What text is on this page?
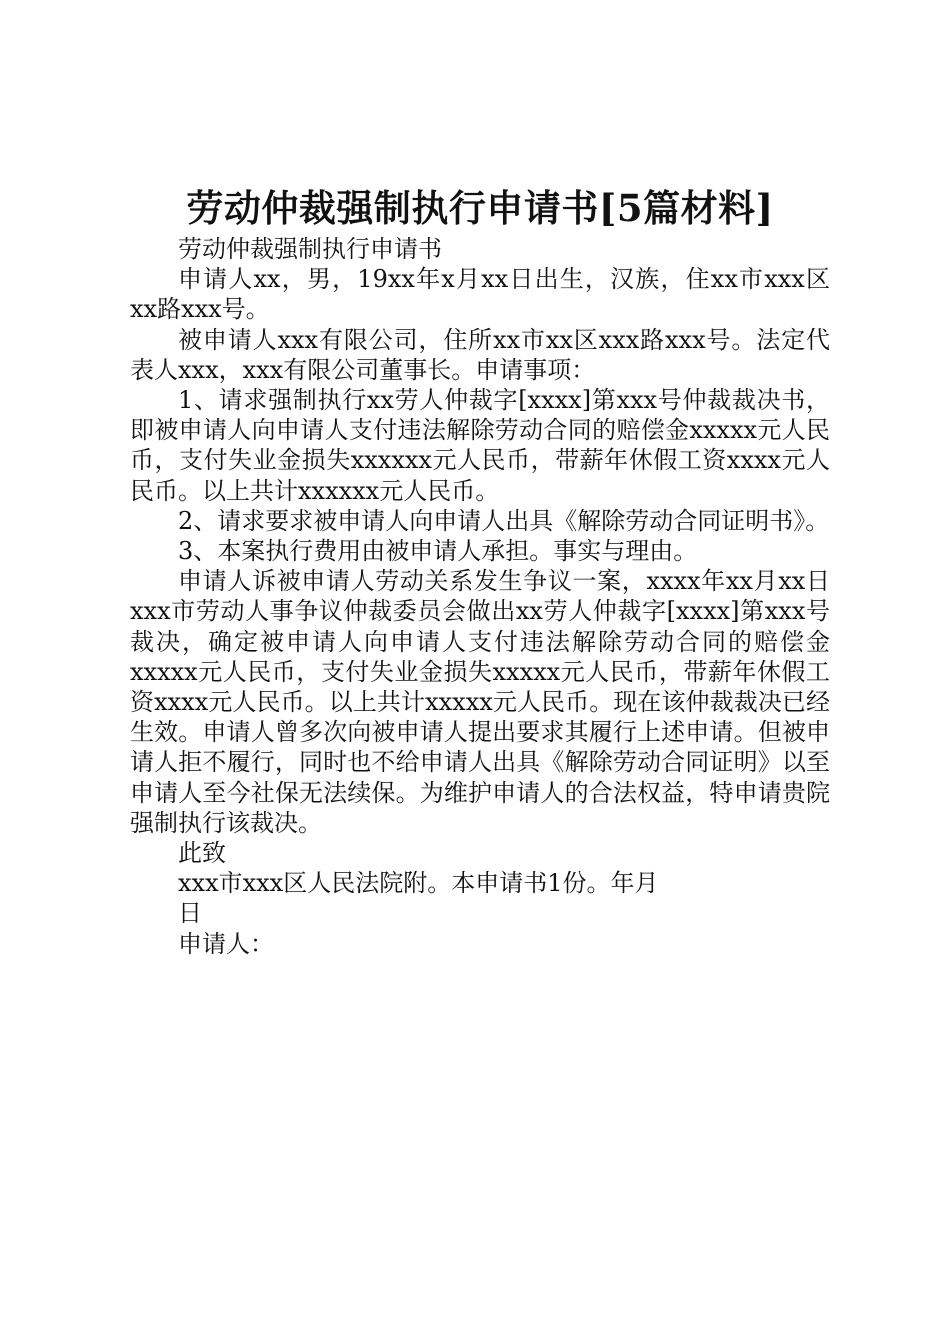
劳动仲裁强制执行申请书[5篇材料]

劳动仲裁强制执行申请书

申请人xx，男，19xx年x月xx日出生，汉族，住xx市xxx区xx路xxx号。

被申请人xxx有限公司，住所xx市xx区xxx路xxx号。法定代表人xxx，xxx有限公司董事长。申请事项：

1、请求强制执行xx劳人仲裁字[xxxx]第xxx号仲裁裁决书，即被申请人向申请人支付违法解除劳动合同的赔偿金xxxxx元人民币，支付失业金损失xxxxxx元人民币，带薪年休假工资xxxx元人民币。以上共计xxxxxx元人民币。

2、请求要求被申请人向申请人出具《解除劳动合同证明书》。

3、本案执行费用由被申请人承担。事实与理由。

申请人诉被申请人劳动关系发生争议一案，xxxx年xx月xx日xxx市劳动人事争议仲裁委员会做出xx劳人仲裁字[xxxx]第xxx号裁决，确定被申请人向申请人支付违法解除劳动合同的赔偿金xxxxx元人民币，支付失业金损失xxxxx元人民币，带薪年休假工资xxxx元人民币。以上共计xxxxx元人民币。现在该仲裁裁决已经生效。申请人曾多次向被申请人提出要求其履行上述申请。但被申请人拒不履行，同时也不给申请人出具《解除劳动合同证明》以至申请人至今社保无法续保。为维护申请人的合法权益，特申请贵院强制执行该裁决。

此致

xxx市xxx区人民法院附。本申请书1份。年月

日

申请人：
